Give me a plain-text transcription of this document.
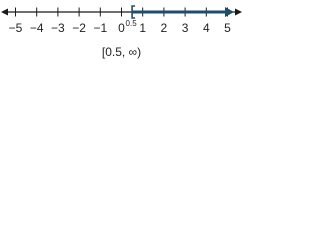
−5 −4 −3 −2 −1 0 1 2 3 4 5
0.5
[0.5, ∞)
